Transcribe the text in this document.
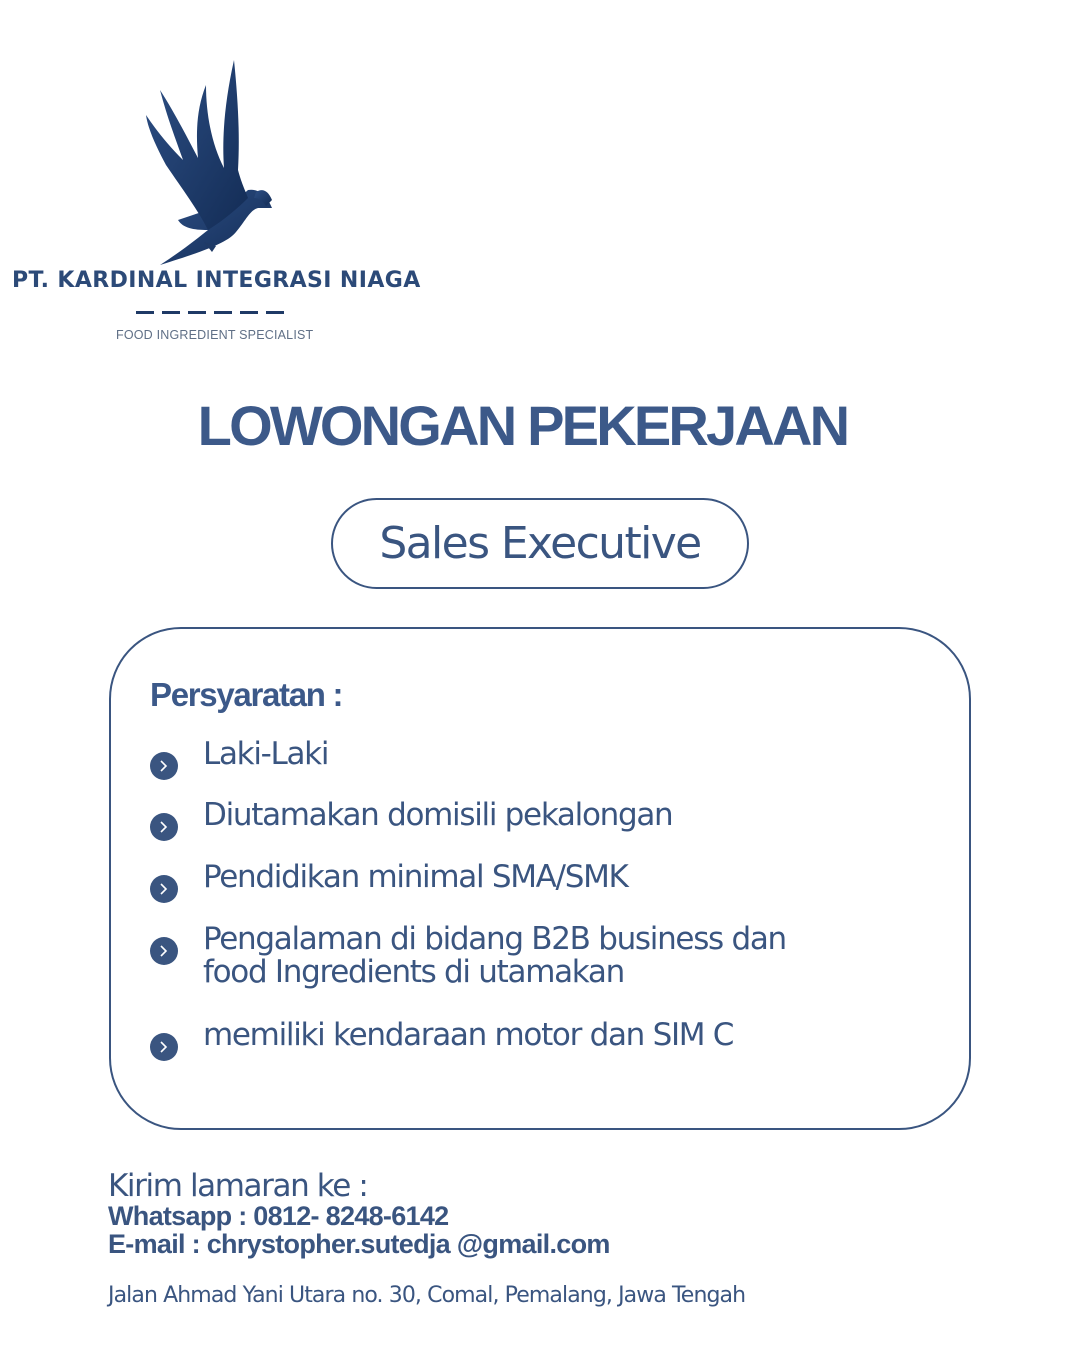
PT. KARDINAL INTEGRASI NIAGA
FOOD INGREDIENT SPECIALIST
LOWONGAN PEKERJAAN
Sales Executive
Persyaratan :
Laki-Laki
Diutamakan domisili pekalongan
Pendidikan minimal SMA/SMK
Pengalaman di bidang B2B business dan
food Ingredients di utamakan
memiliki kendaraan motor dan SIM C
Kirim lamaran ke :
Whatsapp : 0812- 8248-6142
E-mail : chrystopher.sutedja @gmail.com
Jalan Ahmad Yani Utara no. 30, Comal, Pemalang, Jawa Tengah
